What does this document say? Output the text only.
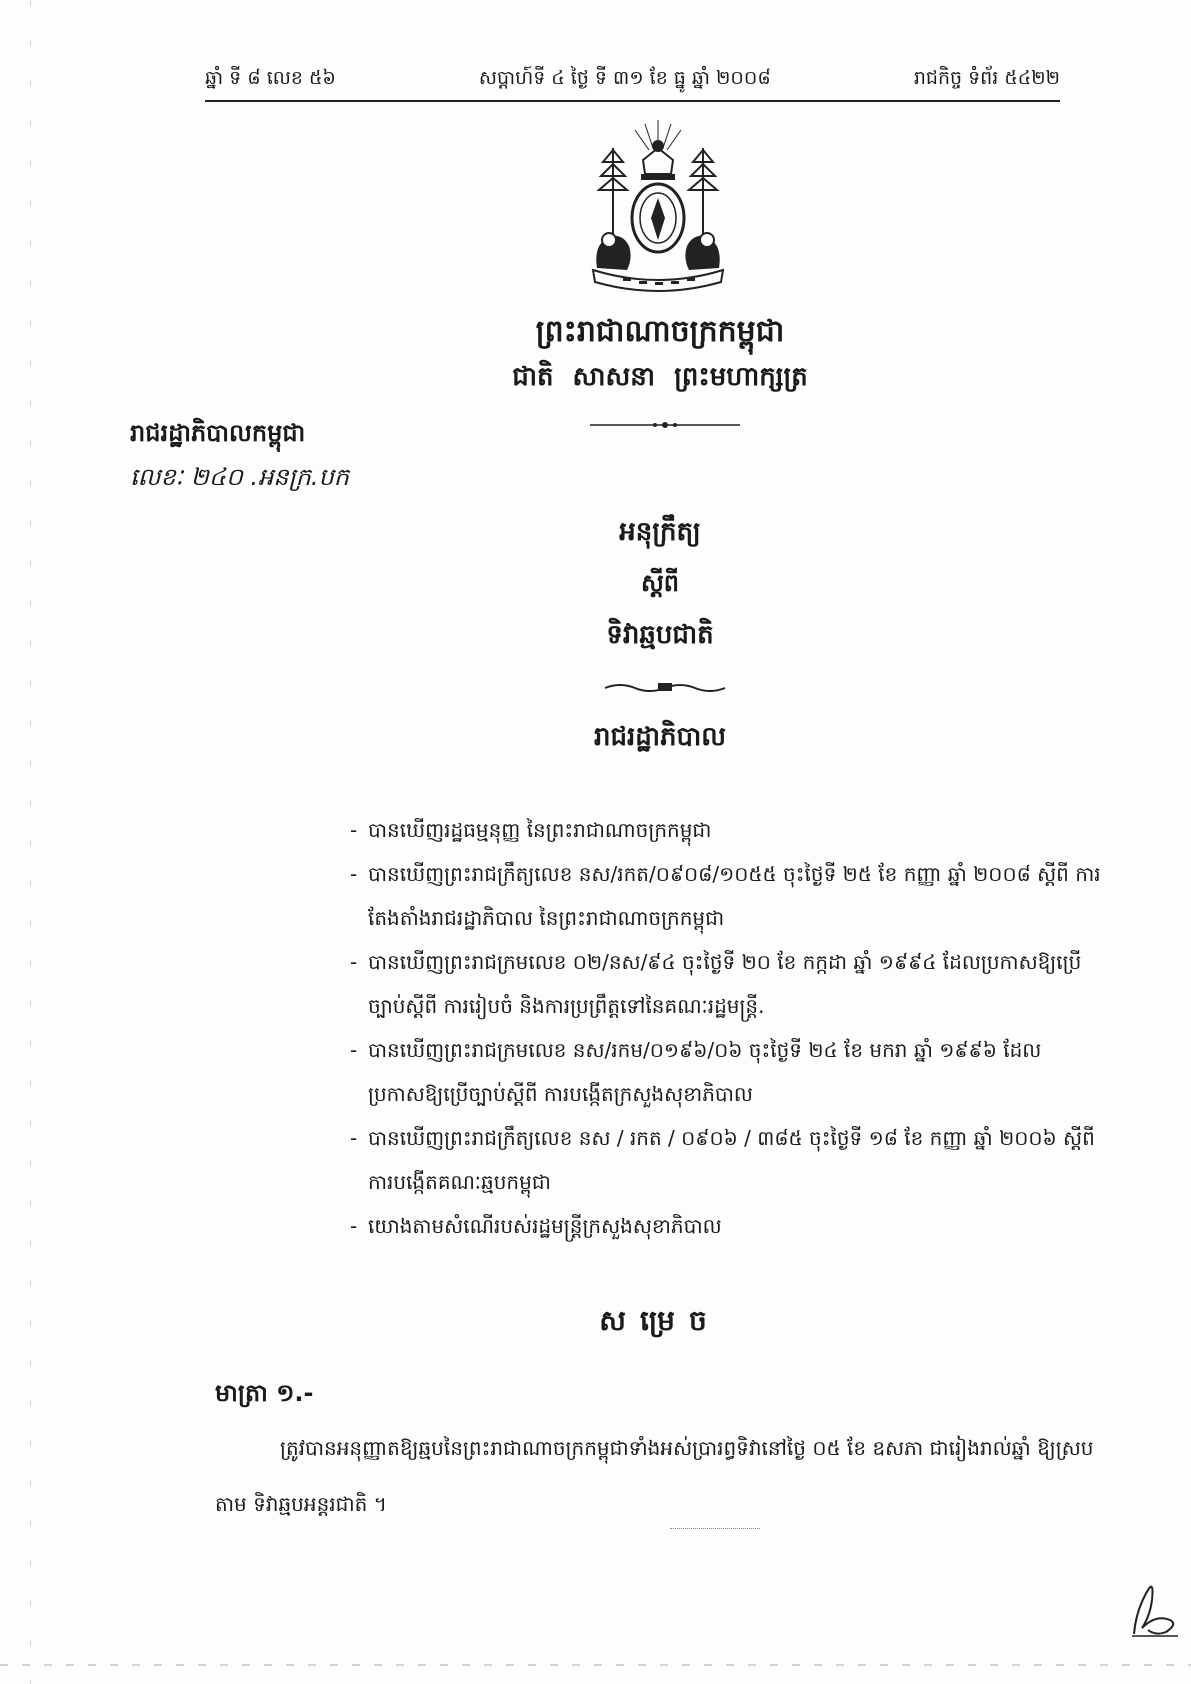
ឆ្នាំ ទី ៨ លេខ ៥៦	សប្តាហ៍ទី ៤ ថ្ងៃ ទី ៣១ ខែ ធ្នូ ឆ្នាំ ២០០៨	រាជកិច្ច ទំព័រ ៥៤២២
ព្រះរាជាណាចក្រកម្ពុជា
ជាតិ សាសនា ព្រះមហាក្សត្រ
រាជរដ្ឋាភិបាលកម្ពុជា
លេខៈ ២៤០ .អនក្រ.បក
អនុក្រឹត្យ
ស្តីពី
ទិវាឆ្មបជាតិ
រាជរដ្ឋាភិបាល
- បានឃើញរដ្ឋធម្មនុញ្ញ នៃព្រះរាជាណាចក្រកម្ពុជា
- បានឃើញព្រះរាជក្រឹត្យលេខ នស/រកត/០៩០៨/១០៥៥ ចុះថ្ងៃទី ២៥ ខែ កញ្ញា ឆ្នាំ ២០០៨ ស្តីពី ការតែងតាំងរាជរដ្ឋាភិបាល នៃព្រះរាជាណាចក្រកម្ពុជា
- បានឃើញព្រះរាជក្រមលេខ ០២/នស/៩៤ ចុះថ្ងៃទី ២០ ខែ កក្កដា ឆ្នាំ ១៩៩៤ ដែលប្រកាសឱ្យប្រើច្បាប់ស្តីពី ការរៀបចំ និងការប្រព្រឹត្តទៅនៃគណៈរដ្ឋមន្ត្រី.
- បានឃើញព្រះរាជក្រមលេខ នស/រកម/០១៩៦/០៦ ចុះថ្ងៃទី ២៤ ខែ មករា ឆ្នាំ ១៩៩៦ ដែលប្រកាសឱ្យប្រើច្បាប់ស្តីពី ការបង្កើតក្រសួងសុខាភិបាល
- បានឃើញព្រះរាជក្រឹត្យលេខ នស / រកត / ០៩០៦ / ៣៨៥ ចុះថ្ងៃទី ១៨ ខែ កញ្ញា ឆ្នាំ ២០០៦ ស្តីពី ការបង្កើតគណៈឆ្មបកម្ពុជា
- យោងតាមសំណើរបស់រដ្ឋមន្ត្រីក្រសួងសុខាភិបាល
សម្រេច
មាត្រា ១.-
ត្រូវបានអនុញ្ញាតឱ្យឆ្មបនៃព្រះរាជាណាចក្រកម្ពុជាទាំងអស់ប្រារព្ធទិវានៅថ្ងៃ ០៥ ខែ ឧសភា ជារៀងរាល់ឆ្នាំ ឱ្យស្របតាម ទិវាឆ្មបអន្តរជាតិ ។
